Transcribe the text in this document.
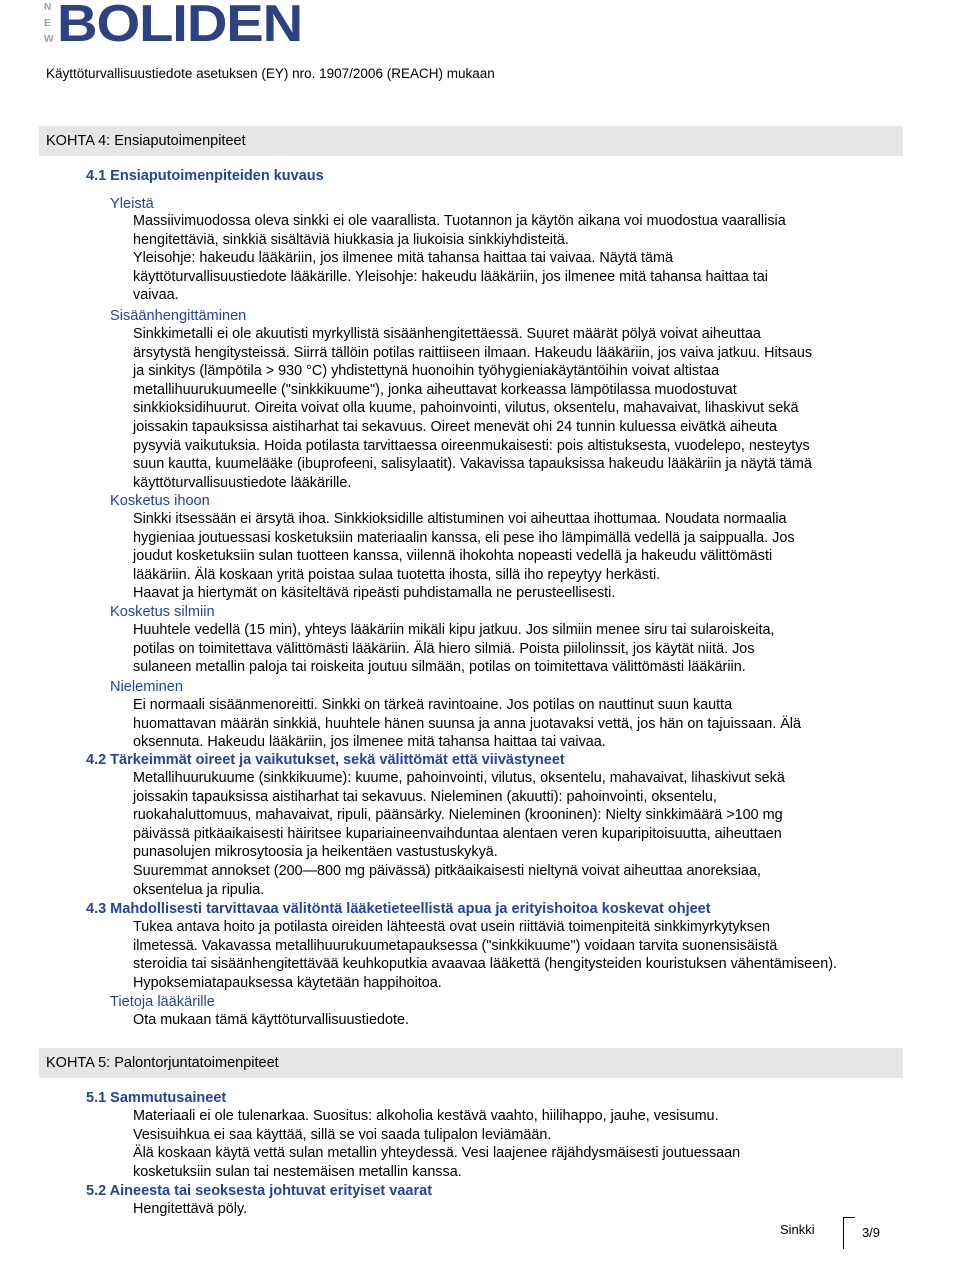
N
E
W BOLIDEN
Käyttöturvallisuustiedote asetuksen (EY) nro. 1907/2006 (REACH) mukaan
KOHTA 4: Ensiaputoimenpiteet
4.1 Ensiaputoimenpiteiden kuvaus
Yleistä
Massiivimuodossa oleva sinkki ei ole vaarallista. Tuotannon ja käytön aikana voi muodostua vaarallisia
hengitettäviä, sinkkiä sisältäviä hiukkasia ja liukoisia sinkkiyhdisteitä.
Yleisohje: hakeudu lääkäriin, jos ilmenee mitä tahansa haittaa tai vaivaa. Näytä tämä
käyttöturvallisuustiedote lääkärille. Yleisohje: hakeudu lääkäriin, jos ilmenee mitä tahansa haittaa tai
vaivaa.
Sisäänhengittäminen
Sinkkimetalli ei ole akuutisti myrkyllistä sisäänhengitettäessä. Suuret määrät pölyä voivat aiheuttaa
ärsytystä hengitysteissä. Siirrä tällöin potilas raittiiseen ilmaan. Hakeudu lääkäriin, jos vaiva jatkuu. Hitsaus
ja sinkitys (lämpötila > 930 °C) yhdistettynä huonoihin työhygieniakäytäntöihin voivat altistaa
metallihuurukuumeelle ("sinkkikuume"), jonka aiheuttavat korkeassa lämpötilassa muodostuvat
sinkkioksidihuurut. Oireita voivat olla kuume, pahoinvointi, vilutus, oksentelu, mahavaivat, lihaskivut sekä
joissakin tapauksissa aistiharhat tai sekavuus. Oireet menevät ohi 24 tunnin kuluessa eivätkä aiheuta
pysyviä vaikutuksia. Hoida potilasta tarvittaessa oireenmukaisesti: pois altistuksesta, vuodelepo, nesteytys
suun kautta, kuumelääke (ibuprofeeni, salisylaatit). Vakavissa tapauksissa hakeudu lääkäriin ja näytä tämä
käyttöturvallisuustiedote lääkärille.
Kosketus ihoon
Sinkki itsessään ei ärsytä ihoa. Sinkkioksidille altistuminen voi aiheuttaa ihottumaa. Noudata normaalia
hygieniaa joutuessasi kosketuksiin materiaalin kanssa, eli pese iho lämpimällä vedellä ja saippualla. Jos
joudut kosketuksiin sulan tuotteen kanssa, viilennä ihokohta nopeasti vedellä ja hakeudu välittömästi
lääkäriin. Älä koskaan yritä poistaa sulaa tuotetta ihosta, sillä iho repeytyy herkästi.
Haavat ja hiertymät on käsiteltävä ripeästi puhdistamalla ne perusteellisesti.
Kosketus silmiin
Huuhtele vedellä (15 min), yhteys lääkäriin mikäli kipu jatkuu. Jos silmiin menee siru tai sularoiskeita,
potilas on toimitettava välittömästi lääkäriin. Älä hiero silmiä. Poista piilolinssit, jos käytät niitä. Jos
sulaneen metallin paloja tai roiskeita joutuu silmään, potilas on toimitettava välittömästi lääkäriin.
Nieleminen
Ei normaali sisäänmenoreitti. Sinkki on tärkeä ravintoaine. Jos potilas on nauttinut suun kautta
huomattavan määrän sinkkiä, huuhtele hänen suunsa ja anna juotavaksi vettä, jos hän on tajuissaan. Älä
oksennuta. Hakeudu lääkäriin, jos ilmenee mitä tahansa haittaa tai vaivaa.
4.2 Tärkeimmät oireet ja vaikutukset, sekä välittömät että viivästyneet
Metallihuurukuume (sinkkikuume): kuume, pahoinvointi, vilutus, oksentelu, mahavaivat, lihaskivut sekä
joissakin tapauksissa aistiharhat tai sekavuus. Nieleminen (akuutti): pahoinvointi, oksentelu,
ruokahaluttomuus, mahavaivat, ripuli, päänsärky. Nieleminen (krooninen): Nielty sinkkimäärä >100 mg
päivässä pitkäaikaisesti häiritsee kupariaineenvaihduntaa alentaen veren kuparipitoisuutta, aiheuttaen
punasolujen mikrosytoosia ja heikentäen vastustuskykyä.
Suuremmat annokset (200—800 mg päivässä) pitkäaikaisesti nieltynä voivat aiheuttaa anoreksiaa,
oksentelua ja ripulia.
4.3 Mahdollisesti tarvittavaa välitöntä lääketieteellistä apua ja erityishoitoa koskevat ohjeet
Tukea antava hoito ja potilasta oireiden lähteestä ovat usein riittäviä toimenpiteitä sinkkimyrkytyksen
ilmetessä. Vakavassa metallihuurukuumetapauksessa ("sinkkikuume") voidaan tarvita suonensisäistä
steroidia tai sisäänhengitettävää keuhkoputkia avaavaa lääkettä (hengitysteiden kouristuksen vähentämiseen).
Hypoksemiatapauksessa käytetään happihoitoa.
Tietoja lääkärille
Ota mukaan tämä käyttöturvallisuustiedote.
KOHTA 5: Palontorjuntatoimenpiteet
5.1 Sammutusaineet
Materiaali ei ole tulenarkaa. Suositus: alkoholia kestävä vaahto, hiilihappo, jauhe, vesisumu.
Vesisuihkua ei saa käyttää, sillä se voi saada tulipalon leviämään.
Älä koskaan käytä vettä sulan metallin yhteydessä. Vesi laajenee räjähdysmäisesti joutuessaan
kosketuksiin sulan tai nestemäisen metallin kanssa.
5.2 Aineesta tai seoksesta johtuvat erityiset vaarat
Hengitettävä pöly.
Sinkki	3/9
